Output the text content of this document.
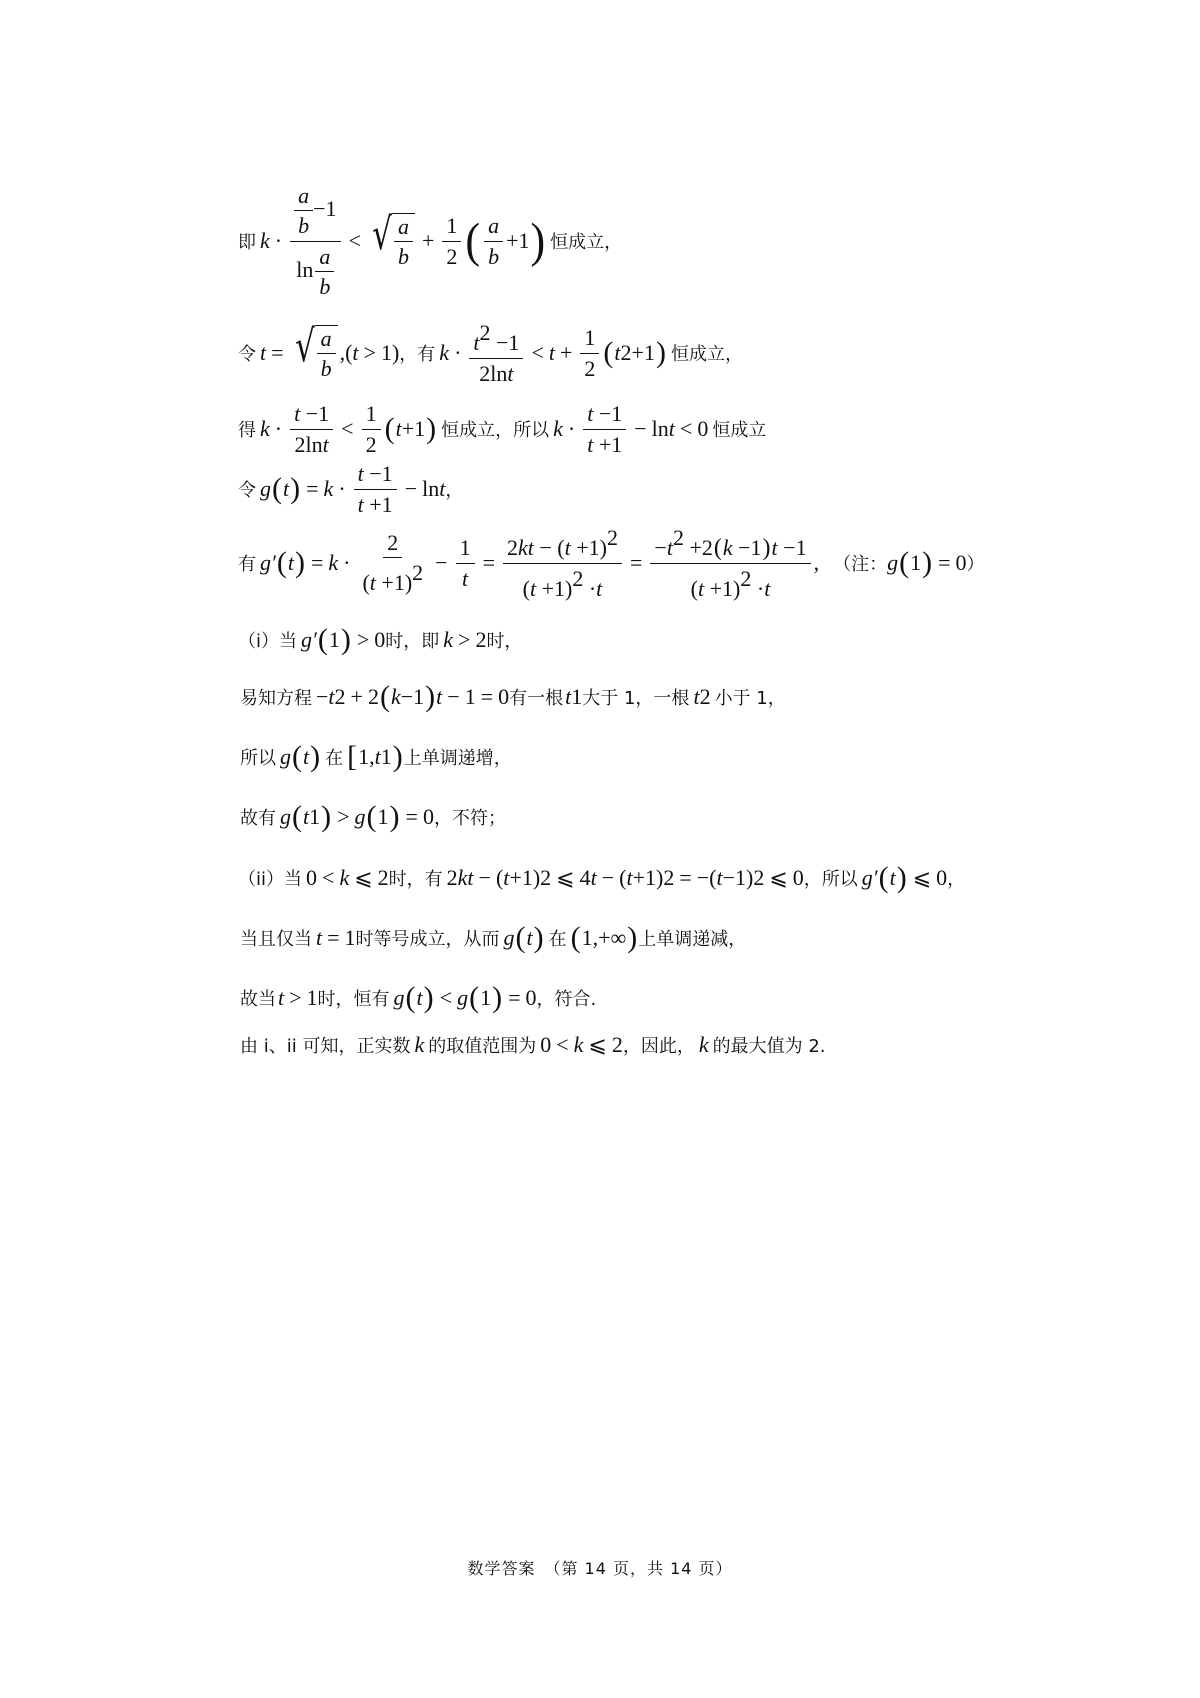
即 $k \cdot \frac{\frac{a}{b} -1}{\ln \frac{a}{b}}$ < √ $\frac{a}{b} + \frac{1}{2}$ ( $\frac{a}{b} +1$ ) 恒成立，
令 t = √ $\frac{a}{b}$ ,( t > 1) ，有 $k \cdot \frac{t^2 -1}{2\ln t} < t + \frac{1}{2}$ ( t 2 +1 ) 恒成立，
得 $k \cdot \frac{t -1}{2\ln t} < \frac{1}{2}$ ( t +1 ) 恒成立，所以 $k \cdot \frac{t -1}{t +1} - \ln t < 0$ 恒成立
令 g ( t ) = $k \cdot \frac{t -1}{t +1} - \ln t$ ，
有 g′ ( t ) = $k \cdot \frac{2}{(t +1)^2} - \frac{1}{t} = \frac{2kt - (t +1)^2}{(t +1)^2 \cdot t} = \frac{-t^2 +2(k -1)t -1}{(t +1)^2 \cdot t}$ , （注： g ( 1 ) = 0 ）
（i）当 g′ ( 1 ) > 0 时，即 k > 2 时，
易知方程 − t 2 + 2 ( k −1 ) t − 1 = 0 有一根 t 1 大于 1，一根 t 2 小于 1，
所以 g ( t ) 在 [ 1, t 1 ) 上单调递增，
故有 g ( t 1 ) > g ( 1 ) = 0 ，不符；
（ii）当 0 < k ⩽ 2 时，有 2 kt − ( t +1) 2 ⩽ 4 t − ( t +1) 2 = −( t −1) 2 ⩽ 0 ，所以 g′ ( t ) ⩽ 0 ，
当且仅当 t = 1 时等号成立，从而 g ( t ) 在 ( 1,+∞ ) 上单调递减，
故当 t > 1 时，恒有 g ( t ) < g ( 1 ) = 0 ，符合.
由 i、ii 可知，正实数 k 的取值范围为 0 < k ⩽ 2 ，因此， k 的最大值为 2.
数学答案　（第 14 页，共 14 页）
